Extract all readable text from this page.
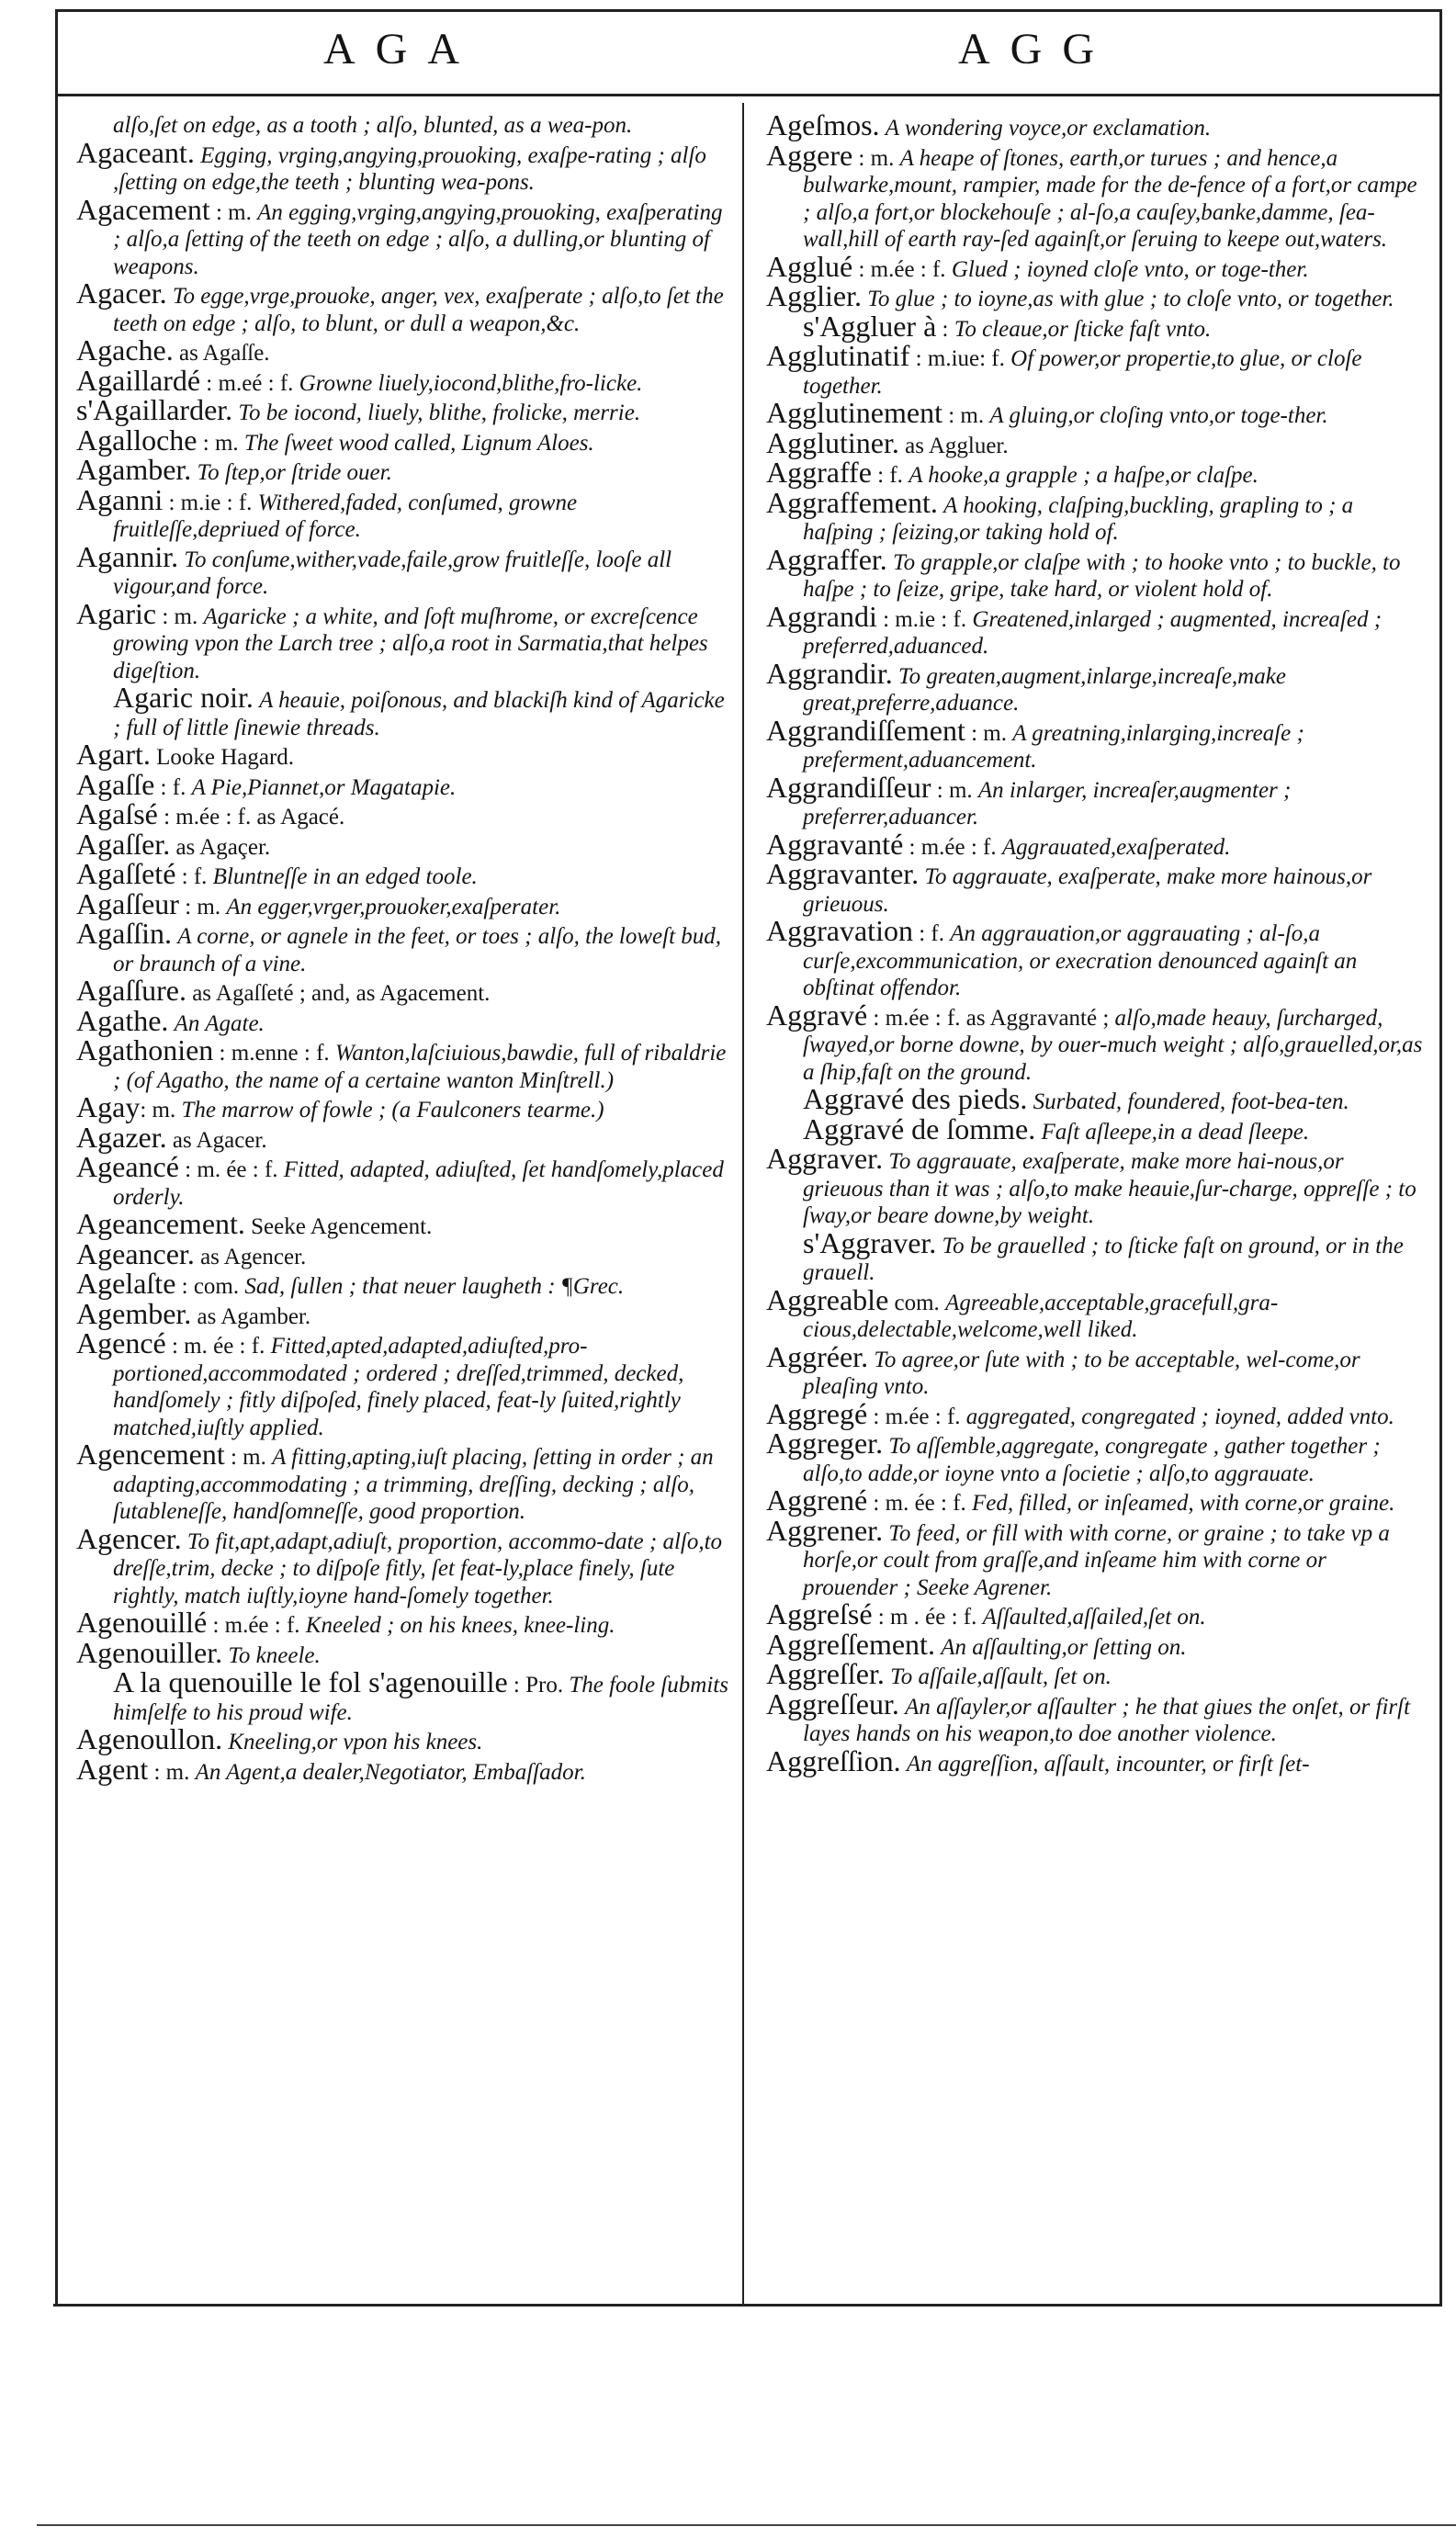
AGA	AGG
alſo,ſet on edge, as a tooth ; alſo, blunted, as a wea-pon.
Agaceant. Egging, vrging,angying,prouoking, exaſpe-rating ; alſo ,ſetting on edge,the teeth ; blunting wea-pons.
Agacement : m. An egging,vrging,angying,prouoking, exaſperating ; alſo,a ſetting of the teeth on edge ; alſo, a dulling,or blunting of weapons.
Agacer. To egge,vrge,prouoke, anger, vex, exaſperate ; alſo,to ſet the teeth on edge ; alſo, to blunt, or dull a weapon,&c.
Agache. as Agaſſe.
Agaillardé : m.eé : f. Growne liuely,iocond,blithe,fro-licke.
s'Agaillarder. To be iocond, liuely, blithe, frolicke, merrie.
Agalloche : m. The ſweet wood called, Lignum Aloes.
Agamber. To ſtep,or ſtride ouer.
Aganni : m.ie : f. Withered,faded, conſumed, growne fruitleſſe,depriued of force.
Agannir. To conſume,wither,vade,faile,grow fruitleſſe, looſe all vigour,and force.
Agaric : m. Agaricke ; a white, and ſoft muſhrome, or excreſcence growing vpon the Larch tree ; alſo,a root in Sarmatia,that helpes digeſtion.
Agaric noir. A heauie, poiſonous, and blackiſh kind of Agaricke ; full of little ſinewie threads.
Agart. Looke Hagard.
Agaſſe : f. A Pie,Piannet,or Magatapie.
Agaſsé : m.ée : f. as Agacé.
Agaſſer. as Agaçer.
Agaſſeté : f. Bluntneſſe in an edged toole.
Agaſſeur : m. An egger,vrger,prouoker,exaſperater.
Agaſſin. A corne, or agnele in the feet, or toes ; alſo, the loweſt bud, or braunch of a vine.
Agaſſure. as Agaſſeté ; and, as Agacement.
Agathe. An Agate.
Agathonien : m.enne : f. Wanton,laſciuious,bawdie, full of ribaldrie ; (of Agatho, the name of a certaine wanton Minſtrell.)
Agay: m. The marrow of fowle ; (a Faulconers tearme.)
Agazer. as Agacer.
Ageancé : m. ée : f. Fitted, adapted, adiuſted, ſet handſomely,placed orderly.
Ageancement. Seeke Agencement.
Ageancer. as Agencer.
Agelaſte : com. Sad, ſullen ; that neuer laugheth : ¶Grec.
Agember. as Agamber.
Agencé : m. ée : f. Fitted,apted,adapted,adiuſted,pro-portioned,accommodated ; ordered ; dreſſed,trimmed, decked, handſomely ; fitly diſpoſed, finely placed, feat-ly ſuited,rightly matched,iuſtly applied.
Agencement : m. A fitting,apting,iuſt placing, ſetting in order ; an adapting,accommodating ; a trimming, dreſſing, decking ; alſo, ſutableneſſe, handſomneſſe, good proportion.
Agencer. To fit,apt,adapt,adiuſt, proportion, accommo-date ; alſo,to dreſſe,trim, decke ; to diſpoſe fitly, ſet feat-ly,place finely, ſute rightly, match iuſtly,ioyne hand-ſomely together.
Agenouillé : m.ée : f. Kneeled ; on his knees, knee-ling.
Agenouiller. To kneele.
A la quenouille le fol s'agenouille : Pro. The foole ſubmits himſelfe to his proud wife.
Agenoullon. Kneeling,or vpon his knees.
Agent : m. An Agent,a dealer,Negotiator, Embaſſador.
Ageſmos. A wondering voyce,or exclamation.
Aggere : m. A heape of ſtones, earth,or turues ; and hence,a bulwarke,mount, rampier, made for the de-fence of a fort,or campe ; alſo,a fort,or blockehouſe ; al-ſo,a cauſey,banke,damme, ſea-wall,hill of earth ray-ſed againſt,or ſeruing to keepe out,waters.
Agglué : m.ée : f. Glued ; ioyned cloſe vnto, or toge-ther.
Agglier. To glue ; to ioyne,as with glue ; to cloſe vnto, or together.
s'Aggluer à : To cleaue,or ſticke faſt vnto.
Agglutinatif : m.iue: f. Of power,or propertie,to glue, or cloſe together.
Agglutinement : m. A gluing,or cloſing vnto,or toge-ther.
Agglutiner. as Aggluer.
Aggraffe : f. A hooke,a grapple ; a haſpe,or claſpe.
Aggraffement. A hooking, claſping,buckling, grapling to ; a haſping ; ſeizing,or taking hold of.
Aggraffer. To grapple,or claſpe with ; to hooke vnto ; to buckle, to haſpe ; to ſeize, gripe, take hard, or violent hold of.
Aggrandi : m.ie : f. Greatened,inlarged ; augmented, increaſed ; preferred,aduanced.
Aggrandir. To greaten,augment,inlarge,increaſe,make great,preferre,aduance.
Aggrandiſſement : m. A greatning,inlarging,increaſe ; preferment,aduancement.
Aggrandiſſeur : m. An inlarger, increaſer,augmenter ; preferrer,aduancer.
Aggravanté : m.ée : f. Aggrauated,exaſperated.
Aggravanter. To aggrauate, exaſperate, make more hainous,or grieuous.
Aggravation : f. An aggrauation,or aggrauating ; al-ſo,a curſe,excommunication, or execration denounced againſt an obſtinat offendor.
Aggravé : m.ée : f. as Aggravanté ; alſo,made heauy, ſurcharged, ſwayed,or borne downe, by ouer-much weight ; alſo,grauelled,or,as a ſhip,faſt on the ground.
Aggravé des pieds. Surbated, foundered, foot-bea-ten.
Aggravé de ſomme. Faſt aſleepe,in a dead ſleepe.
Aggraver. To aggrauate, exaſperate, make more hai-nous,or grieuous than it was ; alſo,to make heauie,ſur-charge, oppreſſe ; to ſway,or beare downe,by weight.
s'Aggraver. To be grauelled ; to ſticke faſt on ground, or in the grauell.
Aggreable com. Agreeable,acceptable,gracefull,gra-cious,delectable,welcome,well liked.
Aggréer. To agree,or ſute with ; to be acceptable, wel-come,or pleaſing vnto.
Aggregé : m.ée : f. aggregated, congregated ; ioyned, added vnto.
Aggreger. To aſſemble,aggregate, congregate , gather together ; alſo,to adde,or ioyne vnto a ſocietie ; alſo,to aggrauate.
Aggrené : m. ée : f. Fed, filled, or inſeamed, with corne,or graine.
Aggrener. To feed, or fill with with corne, or graine ; to take vp a horſe,or coult from graſſe,and inſeame him with corne or prouender ; Seeke Agrener.
Aggreſsé : m . ée : f. Aſſaulted,aſſailed,ſet on.
Aggreſſement. An aſſaulting,or ſetting on.
Aggreſſer. To aſſaile,aſſault, ſet on.
Aggreſſeur. An aſſayler,or aſſaulter ; he that giues the onſet, or firſt layes hands on his weapon,to doe another violence.
Aggreſſion. An aggreſſion, aſſault, incounter, or firſt ſet-
